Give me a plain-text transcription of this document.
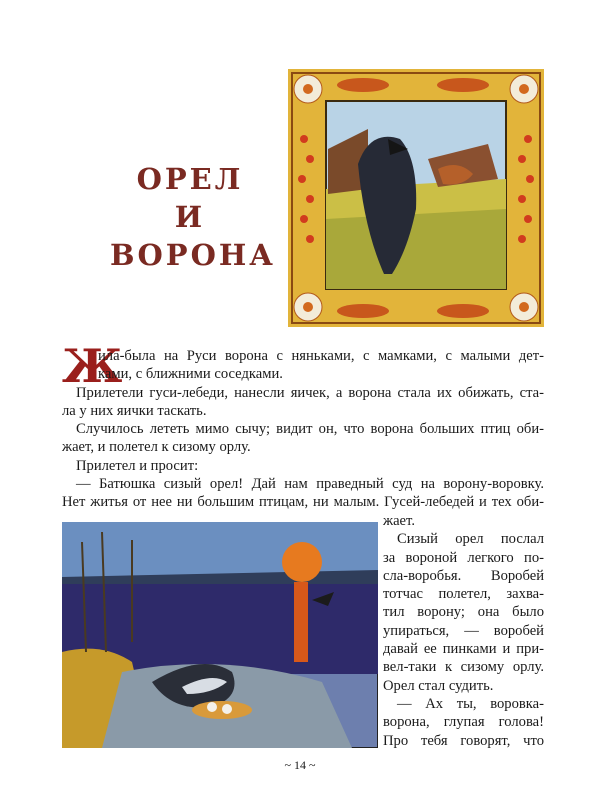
ОРЕЛ
И ВОРОНА
Ж
ила-была на Руси ворона с няньками, с мамками, с малыми дет-
ками, с ближними соседками.
Прилетели гуси-лебеди, нанесли яичек, а ворона стала их обижать, ста-
ла у них яички таскать.
Случилось лететь мимо сычу; видит он, что ворона больших птиц оби-
жает, и полетел к сизому орлу.
Прилетел и просит:
— Батюшка сизый орел! Дай нам праведный суд на ворону-воровку.
Нет житья от нее ни большим птицам, ни малым. Гусей-лебедей и тех оби-
жает.
Сизый орел послал
за вороной легкого по-
сла-воробья. Воробей
тотчас полетел, захва-
тил ворону; она было
упираться, — воробей
давай ее пинками и при-
вел-таки к сизому орлу.
Орел стал судить.
— Ах ты, воровка-
ворона, глупая голова!
Про тебя говорят, что
~ 14 ~
